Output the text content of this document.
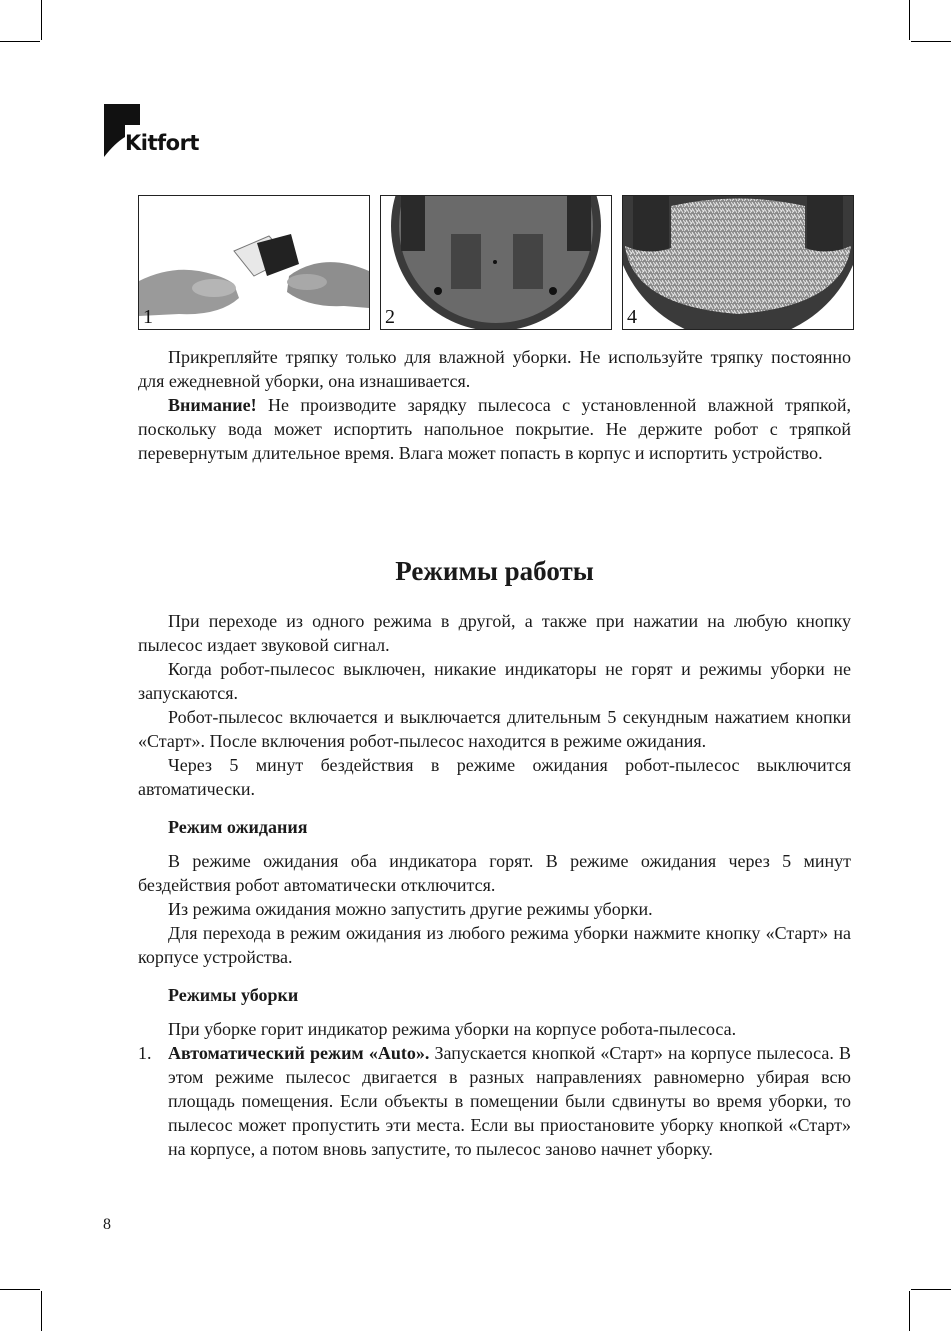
Kitfort
1	2	4

Прикрепляйте тряпку только для влажной уборки. Не используйте тряпку постоянно для ежедневной уборки, она изнашивается.

Внимание! Не производите зарядку пылесоса с установленной влажной тряпкой, поскольку вода может испортить напольное покрытие. Не держите робот с тряпкой перевернутым длительное время. Влага может попасть в корпус и испортить устройство.

Режимы работы

При переходе из одного режима в другой, а также при нажатии на любую кнопку пылесос издает звуковой сигнал.

Когда робот-пылесос выключен, никакие индикаторы не горят и режимы уборки не запускаются.

Робот-пылесос включается и выключается длительным 5 секундным нажатием кнопки «Старт». После включения робот-пылесос находится в режиме ожидания.

Через 5 минут бездействия в режиме ожидания робот-пылесос выключится автоматически.

Режим ожидания

В режиме ожидания оба индикатора горят. В режиме ожидания через 5 минут бездействия робот автоматически отключится.

Из режима ожидания можно запустить другие режимы уборки.

Для перехода в режим ожидания из любого режима уборки нажмите кнопку «Старт» на корпусе устройства.

Режимы уборки

При уборке горит индикатор режима уборки на корпусе робота-пылесоса.

1. Автоматический режим «Auto». Запускается кнопкой «Старт» на корпусе пылесоса. В этом режиме пылесос двигается в разных направлениях равномерно убирая всю площадь помещения. Если объекты в помещении были сдвинуты во время уборки, то пылесос может пропустить эти места. Если вы приостановите уборку кнопкой «Старт» на корпусе, а потом вновь запустите, то пылесос заново начнет уборку.
8
